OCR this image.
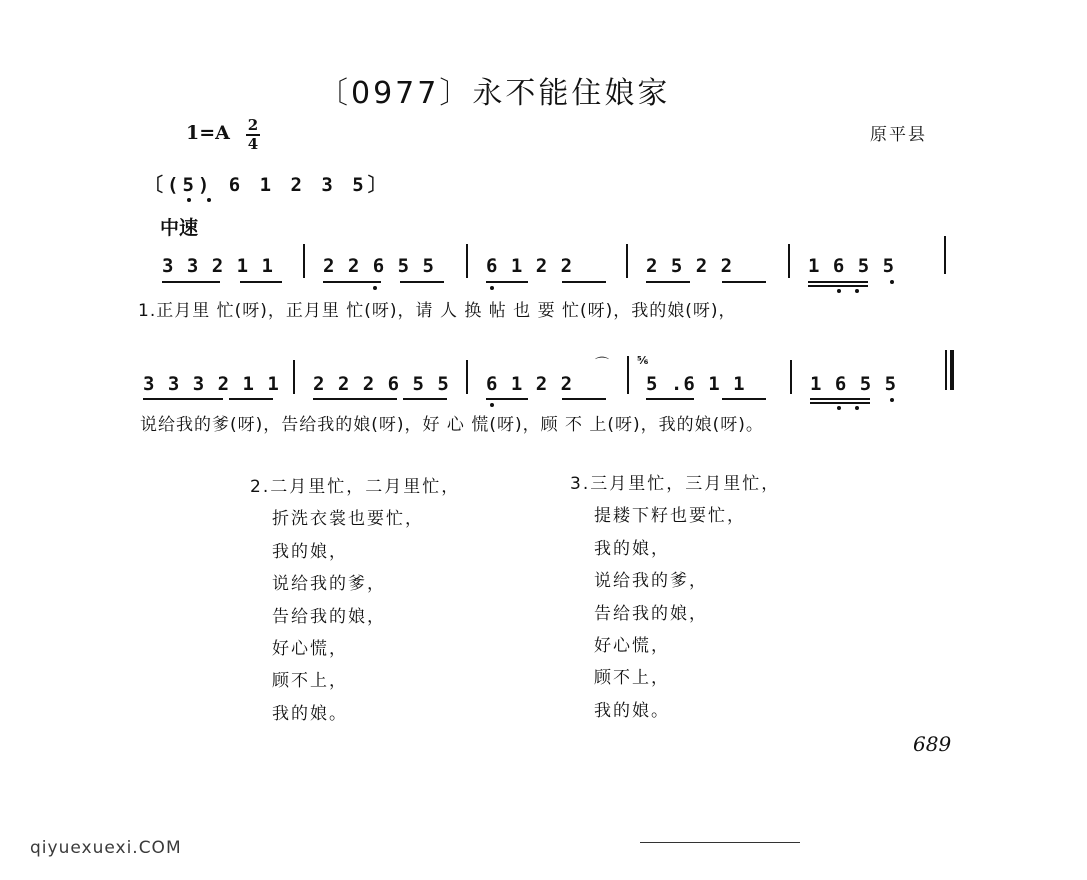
〔0977〕永不能住娘家
1=A 2
4	原平县
〔(5) 6 1 2 3 5〕
中速
3 3 2 1 1	2 2 6 5 5	6 1 2 2	2 5 2 2	1 6 5 5
1.正月里 忙(呀)，正月里 忙(呀)，请 人 换 帖 也 要 忙(呀)，我的娘(呀)，
3 3 3 2 1 1 2 2 2 6 5 5 6 1 2 2
⌒	⁵⁄₆
5 .6 1 1	1 6 5 5
说给我的爹(呀)，告给我的娘(呀)，好 心 慌(呀)，顾 不 上(呀)，我的娘(呀)。
2.二月里忙，二月里忙，
折洗衣裳也要忙，
我的娘，
说给我的爹，
告给我的娘，
好心慌，
顾不上，
我的娘。
3.三月里忙，三月里忙，
提耧下籽也要忙，
我的娘，
说给我的爹，
告给我的娘，
好心慌，
顾不上，
我的娘。
689
qiyuexuexi.COM
